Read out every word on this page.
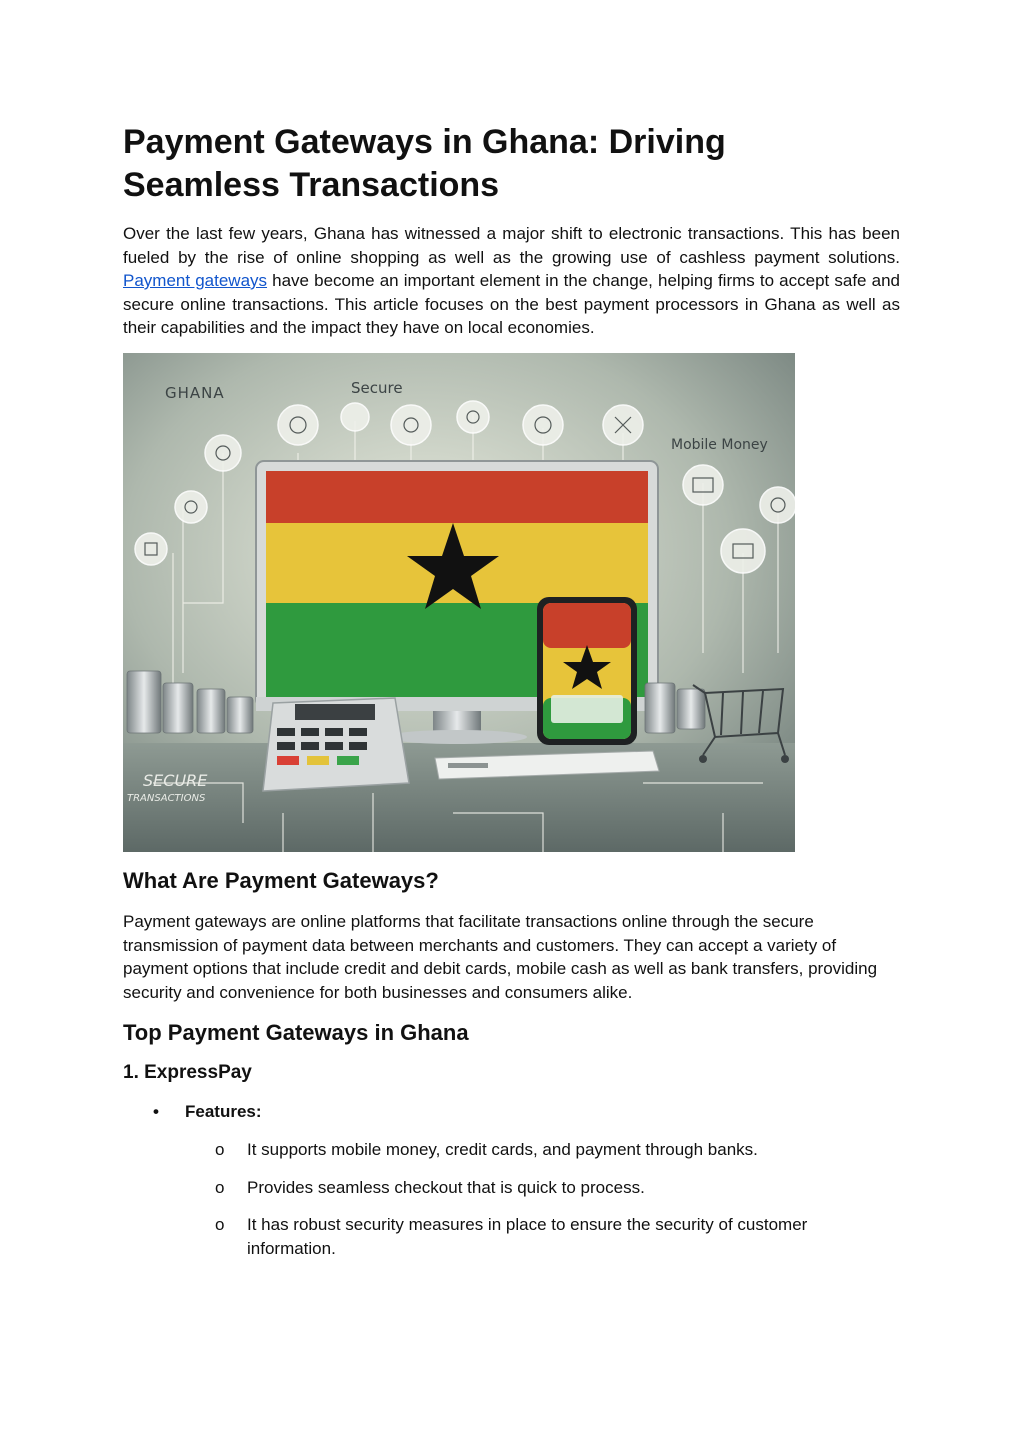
Payment Gateways in Ghana: Driving Seamless Transactions

Over the last few years, Ghana has witnessed a major shift to electronic transactions. This has been fueled by the rise of online shopping as well as the growing use of cashless payment solutions. Payment gateways have become an important element in the change, helping firms to accept safe and secure online transactions. This article focuses on the best payment processors in Ghana as well as their capabilities and the impact they have on local economies.

GHANA	Secure
Mobile Money
SECURE
TRANSACTIONS
What Are Payment Gateways?

Payment gateways are online platforms that facilitate transactions online through the secure transmission of payment data between merchants and customers. They can accept a variety of payment options that include credit and debit cards, mobile cash as well as bank transfers, providing security and convenience for both businesses and consumers alike.

Top Payment Gateways in Ghana
1. ExpressPay
• Features:
o It supports mobile money, credit cards, and payment through banks.
o Provides seamless checkout that is quick to process.
o It has robust security measures in place to ensure the security of customer information.
